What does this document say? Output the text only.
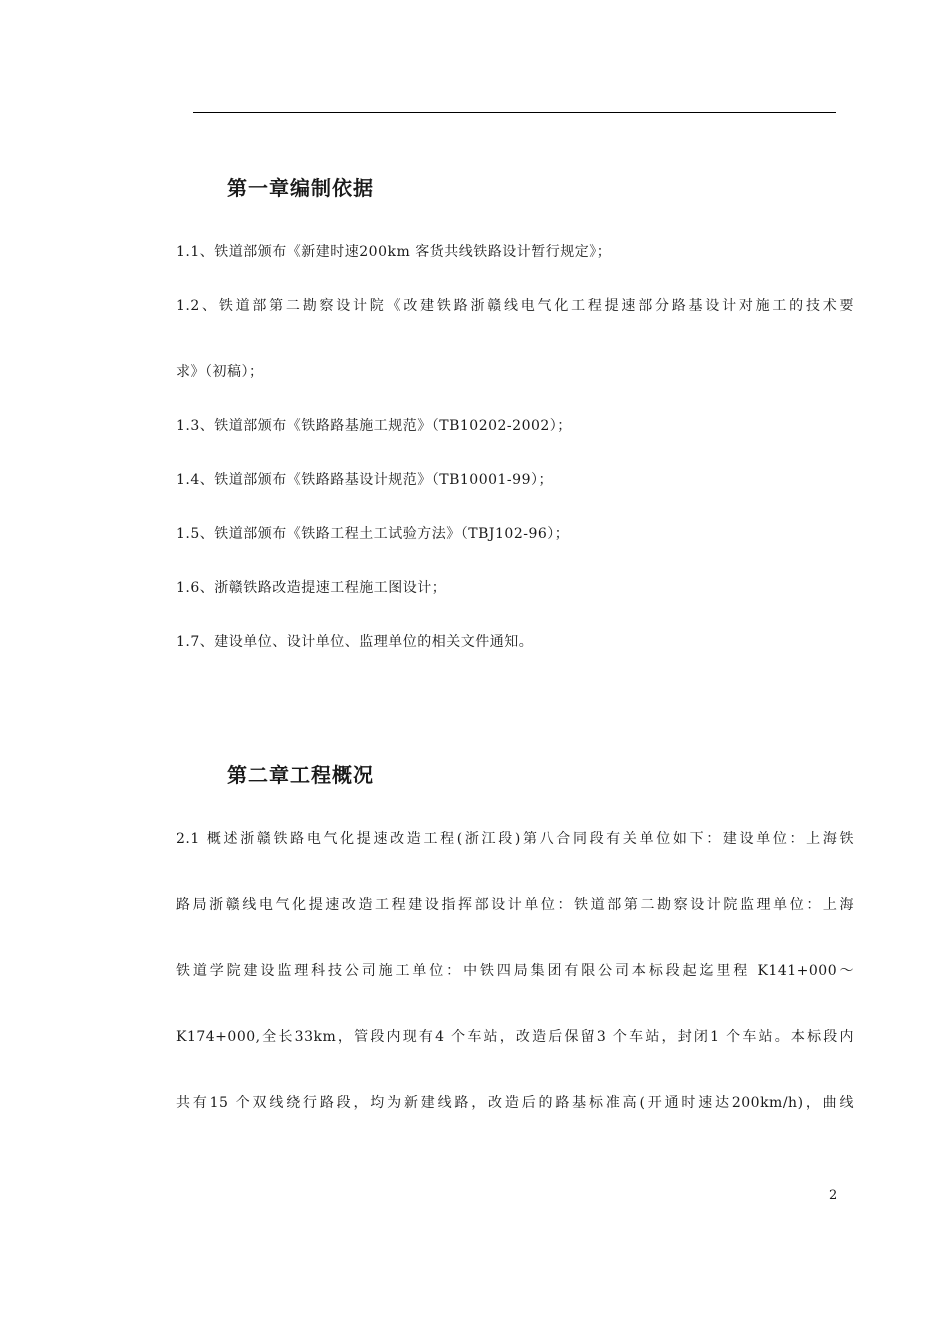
第一章编制依据
1.1、铁道部颁布《新建时速200km 客货共线铁路设计暂行规定》；
1.2、铁道部第二勘察设计院《改建铁路浙赣线电气化工程提速部分路基设计对施工的技术要
求》（初稿）；
1.3、铁道部颁布《铁路路基施工规范》（TB10202-2002）；
1.4、铁道部颁布《铁路路基设计规范》（TB10001-99）；
1.5、铁道部颁布《铁路工程土工试验方法》（TBJ102-96）；
1.6、浙赣铁路改造提速工程施工图设计；
1.7、建设单位、设计单位、监理单位的相关文件通知。
第二章工程概况
2.1 概述浙赣铁路电气化提速改造工程(浙江段)第八合同段有关单位如下：建设单位：上海铁
路局浙赣线电气化提速改造工程建设指挥部设计单位：铁道部第二勘察设计院监理单位：上海
铁道学院建设监理科技公司施工单位：中铁四局集团有限公司本标段起迄里程 K141+000～
K174+000,全长33km，管段内现有4 个车站，改造后保留3 个车站，封闭1 个车站。本标段内
共有15 个双线绕行路段，均为新建线路，改造后的路基标准高(开通时速达200km/h)，曲线
2
